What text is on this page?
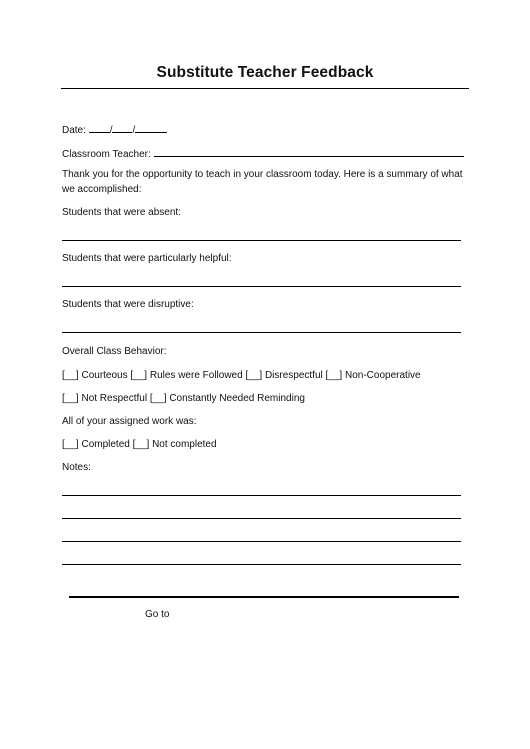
Substitute Teacher Feedback
Date: / /
Classroom Teacher:
Thank you for the opportunity to teach in your classroom today. Here is a summary of what we accomplished:
Students that were absent:
Students that were particularly helpful:
Students that were disruptive:
Overall Class Behavior:
[__] Courteous [__] Rules were Followed [__] Disrespectful [__] Non-Cooperative
[__] Not Respectful [__] Constantly Needed Reminding
All of your assigned work was:
[__] Completed [__] Not completed
Notes:
Go to
